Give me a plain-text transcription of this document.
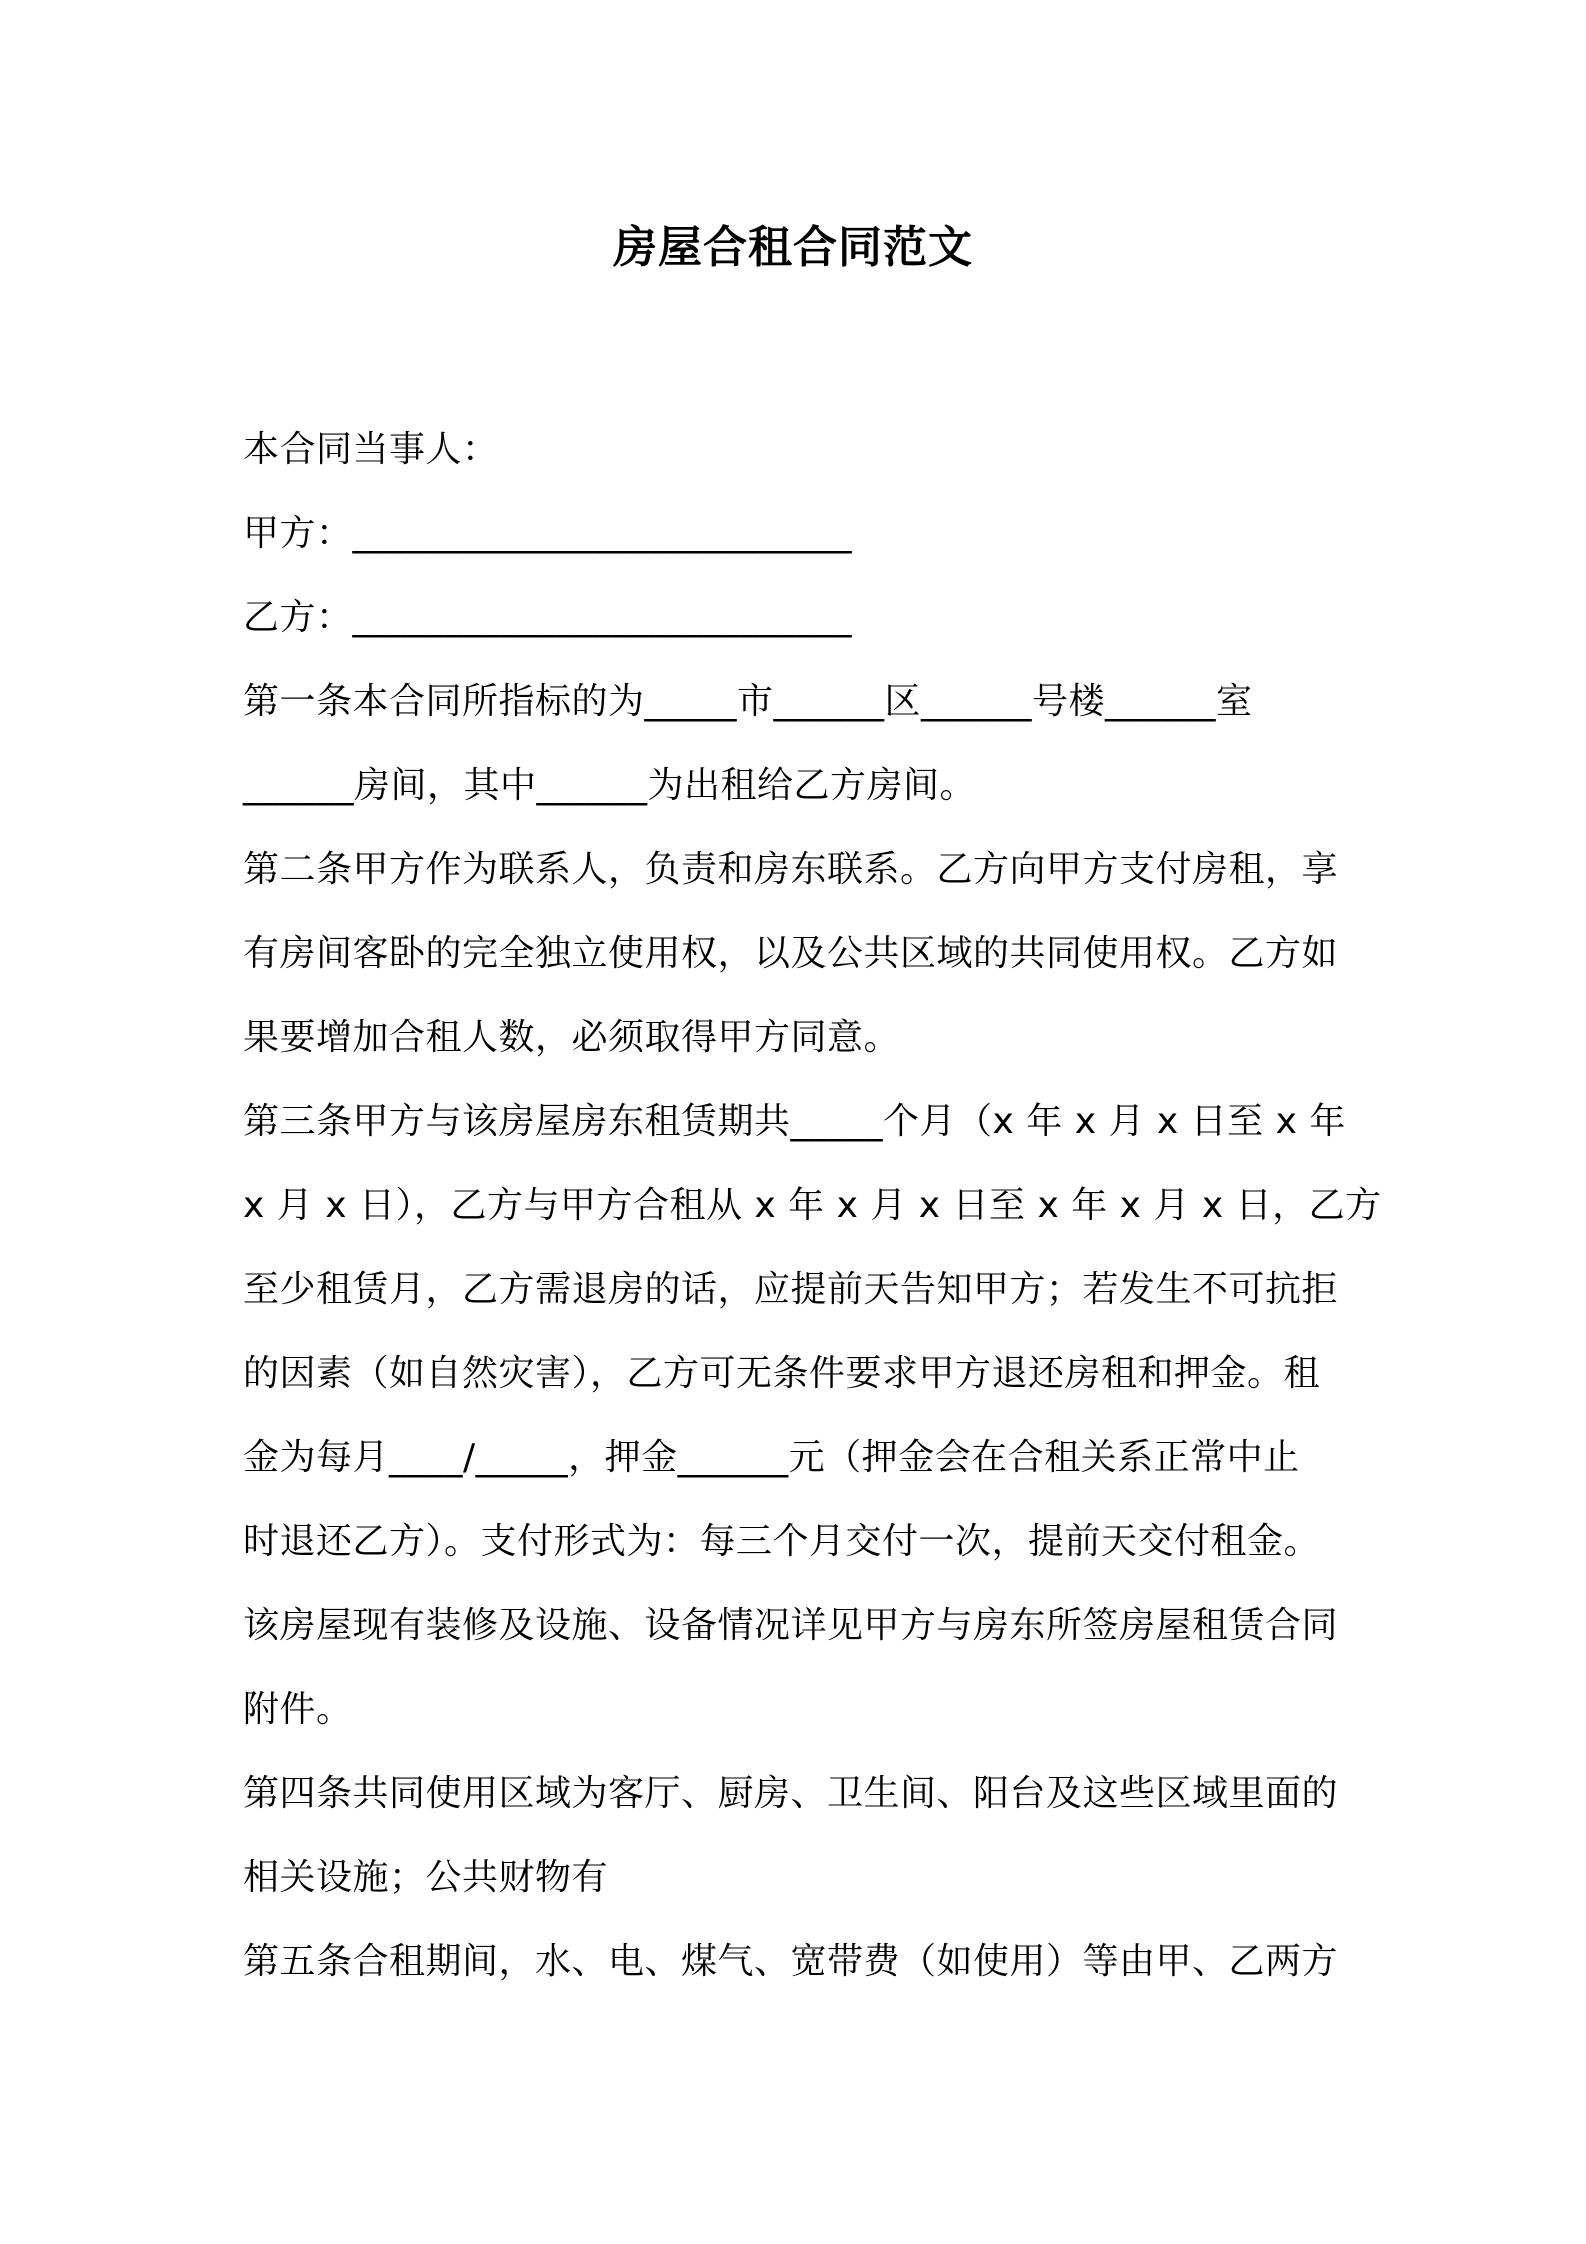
房屋合租合同范文
本合同当事人：
甲方：___________________________
乙方：___________________________
第一条本合同所指标的为_____市______区______号楼______室
______房间，其中______为出租给乙方房间。
第二条甲方作为联系人，负责和房东联系。乙方向甲方支付房租，享
有房间客卧的完全独立使用权，以及公共区域的共同使用权。乙方如
果要增加合租人数，必须取得甲方同意。
第三条甲方与该房屋房东租赁期共_____个月（x 年 x 月 x 日至 x 年
x 月 x 日），乙方与甲方合租从 x 年 x 月 x 日至 x 年 x 月 x 日，乙方
至少租赁月，乙方需退房的话，应提前天告知甲方；若发生不可抗拒
的因素（如自然灾害），乙方可无条件要求甲方退还房租和押金。租
金为每月____/_____，押金______元（押金会在合租关系正常中止
时退还乙方）。支付形式为：每三个月交付一次，提前天交付租金。
该房屋现有装修及设施、设备情况详见甲方与房东所签房屋租赁合同
附件。
第四条共同使用区域为客厅、厨房、卫生间、阳台及这些区域里面的
相关设施；公共财物有
第五条合租期间，水、电、煤气、宽带费（如使用）等由甲、乙两方
